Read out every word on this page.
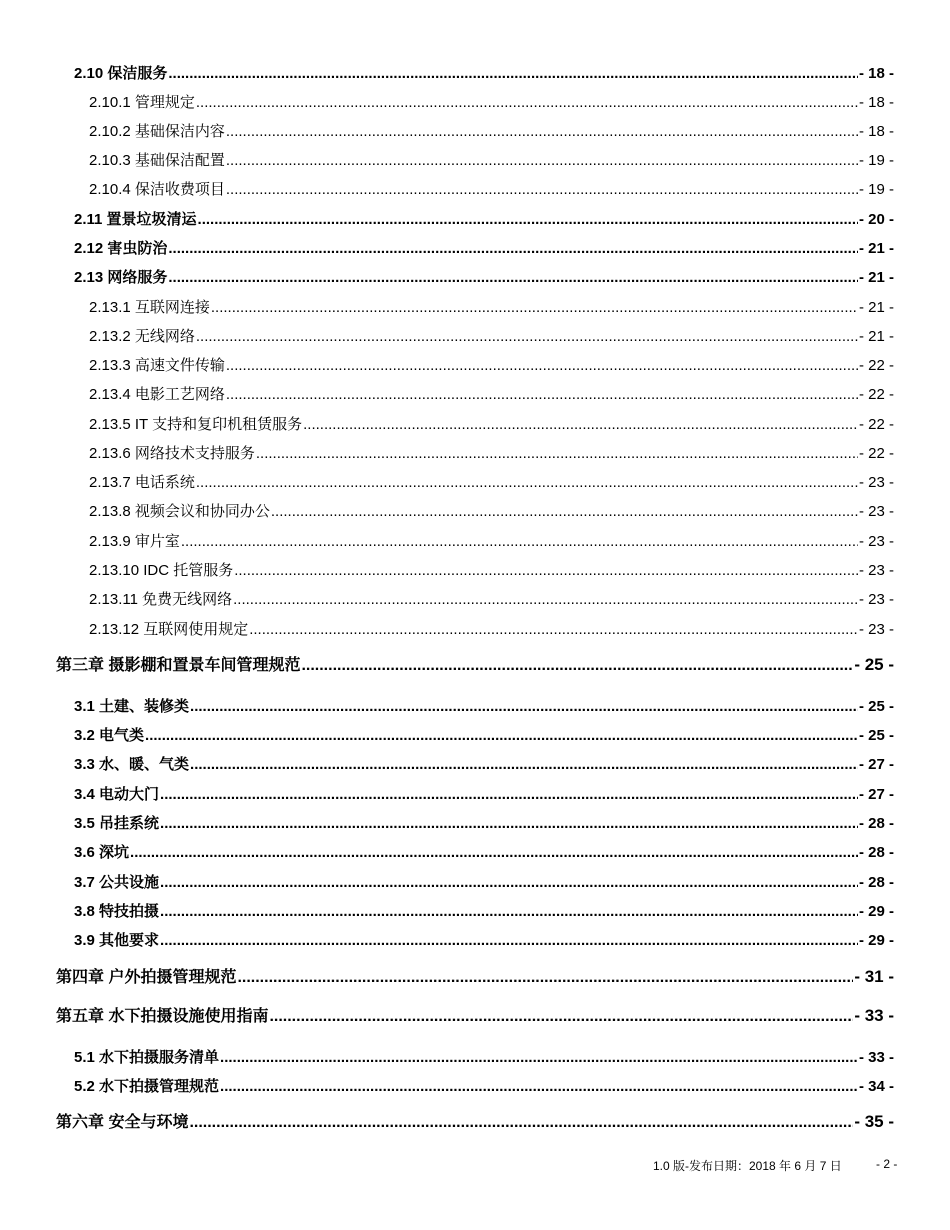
2.10 保洁服务 .....	- 18 -
2.10.1 管理规定 .....	- 18 -
2.10.2 基础保洁内容 .....	- 18 -
2.10.3 基础保洁配置 .....	- 19 -
2.10.4 保洁收费项目 .....	- 19 -
2.11 置景垃圾清运 .....	- 20 -
2.12 害虫防治 .....	- 21 -
2.13 网络服务 .....	- 21 -
2.13.1 互联网连接 .....	- 21 -
2.13.2 无线网络 .....	- 21 -
2.13.3 高速文件传输 .....	- 22 -
2.13.4 电影工艺网络 .....	- 22 -
2.13.5 IT 支持和复印机租赁服务 .....	- 22 -
2.13.6 网络技术支持服务 .....	- 22 -
2.13.7 电话系统 .....	- 23 -
2.13.8 视频会议和协同办公 .....	- 23 -
2.13.9 审片室 .....	- 23 -
2.13.10 IDC 托管服务 .....	- 23 -
2.13.11 免费无线网络 .....	- 23 -
2.13.12 互联网使用规定 .....	- 23 -
第三章 摄影棚和置景车间管理规范 .....	- 25 -
3.1 土建、装修类 .....	- 25 -
3.2 电气类 .....	- 25 -
3.3 水、暖、气类 .....	- 27 -
3.4 电动大门 .....	- 27 -
3.5 吊挂系统 .....	- 28 -
3.6 深坑 .....	- 28 -
3.7 公共设施 .....	- 28 -
3.8 特技拍摄 .....	- 29 -
3.9 其他要求 .....	- 29 -
第四章 户外拍摄管理规范 .....	- 31 -
第五章 水下拍摄设施使用指南 .....	- 33 -
5.1 水下拍摄服务清单 .....	- 33 -
5.2 水下拍摄管理规范 .....	- 34 -
第六章 安全与环境 .....	- 35 -
1.0 版-发布日期：2018 年 6 月 7 日	- 2 -
